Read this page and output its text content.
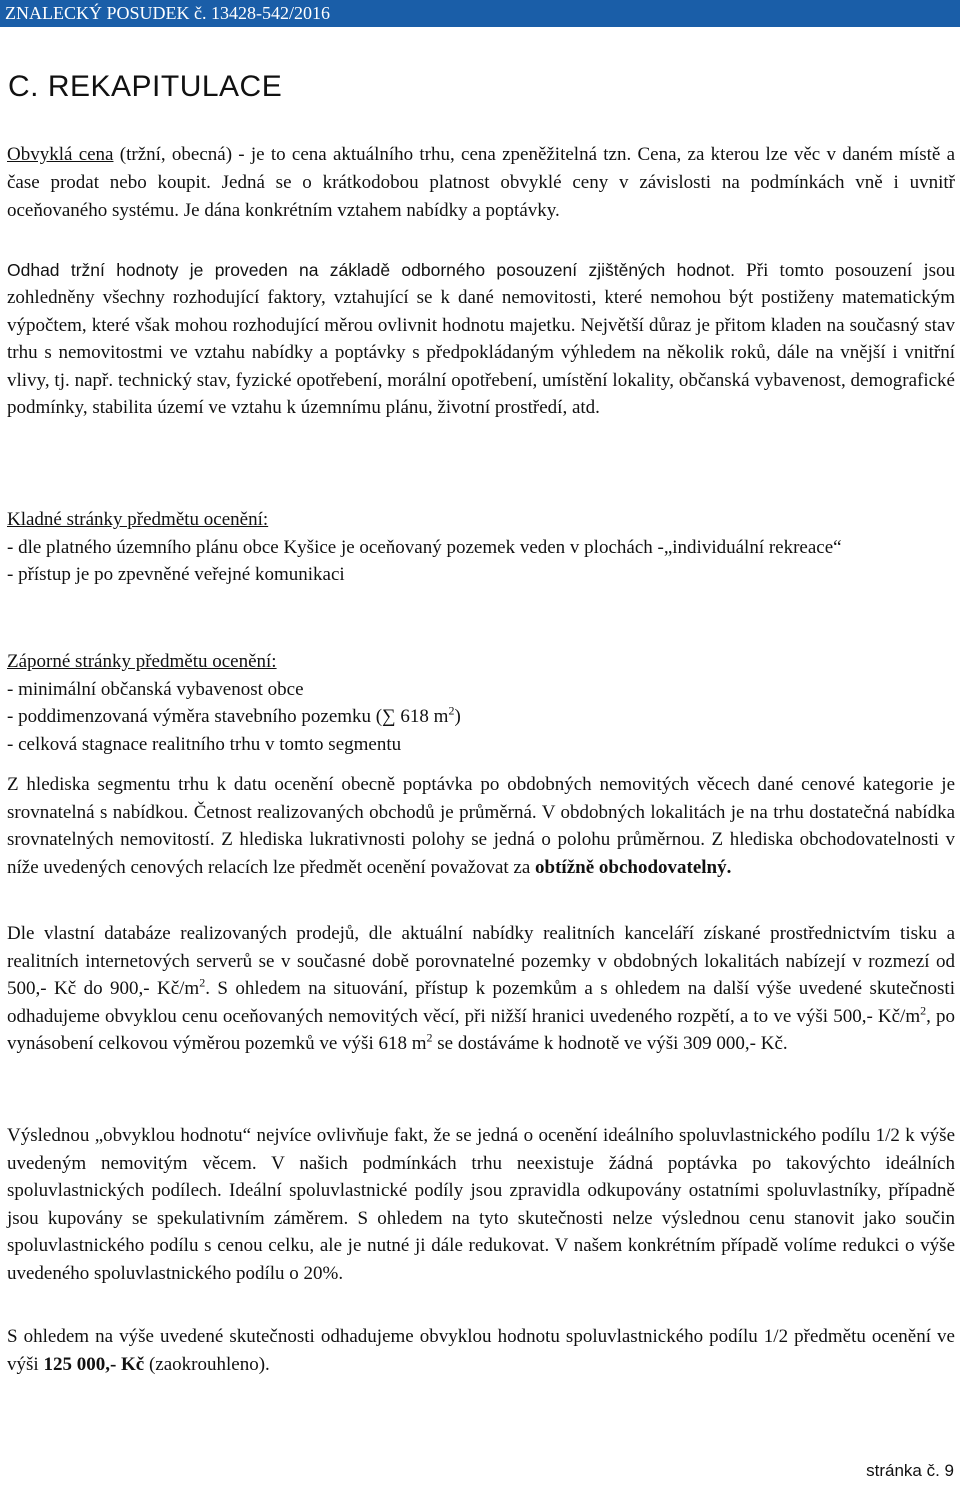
ZNALECKÝ POSUDEK č. 13428-542/2016
C. REKAPITULACE
Obvyklá cena (tržní, obecná) - je to cena aktuálního trhu, cena zpeněžitelná tzn. Cena, za kterou lze věc v daném místě a čase prodat nebo koupit. Jedná se o krátkodobou platnost obvyklé ceny v závislosti na podmínkách vně i uvnitř oceňovaného systému. Je dána konkrétním vztahem nabídky a poptávky.
Odhad tržní hodnoty je proveden na základě odborného posouzení zjištěných hodnot. Při tomto posouzení jsou zohledněny všechny rozhodující faktory, vztahující se k dané nemovitosti, které nemohou být postiženy matematickým výpočtem, které však mohou rozhodující měrou ovlivnit hodnotu majetku. Největší důraz je přitom kladen na současný stav trhu s nemovitostmi ve vztahu nabídky a poptávky s předpokládaným výhledem na několik roků, dále na vnější i vnitřní vlivy, tj. např. technický stav, fyzické opotřebení, morální opotřebení, umístění lokality, občanská vybavenost, demografické podmínky, stabilita území ve vztahu k územnímu plánu, životní prostředí, atd.
Kladné stránky předmětu ocenění:
- dle platného územního plánu obce Kyšice je oceňovaný pozemek veden v plochách -„individuální rekreace“
- přístup je po zpevněné veřejné komunikaci
Záporné stránky předmětu ocenění:
- minimální občanská vybavenost obce
- poddimenzovaná výměra stavebního pozemku (∑ 618 $m^2$)
- celková stagnace realitního trhu v tomto segmentu
Z hlediska segmentu trhu k datu ocenění obecně poptávka po obdobných nemovitých věcech dané cenové kategorie je srovnatelná s nabídkou. Četnost realizovaných obchodů je průměrná. V obdobných lokalitách je na trhu dostatečná nabídka srovnatelných nemovitostí. Z hlediska lukrativnosti polohy se jedná o polohu průměrnou. Z hlediska obchodovatelnosti v níže uvedených cenových relacích lze předmět ocenění považovat za obtížně obchodovatelný.
Dle vlastní databáze realizovaných prodejů, dle aktuální nabídky realitních kanceláří získané prostřednictvím tisku a realitních internetových serverů se v současné době porovnatelné pozemky v obdobných lokalitách nabízejí v rozmezí od 500,- Kč do 900,- $Kč/m^2$. S ohledem na situování, přístup k pozemkům a s ohledem na další výše uvedené skutečnosti odhadujeme obvyklou cenu oceňovaných nemovitých věcí, při nižší hranici uvedeného rozpětí, a to ve výši 500,- $Kč/m^2$, po vynásobení celkovou výměrou pozemků ve výši 618 $m^2$ se dostáváme k hodnotě ve výši 309 000,- Kč.
Výslednou „obvyklou hodnotu“ nejvíce ovlivňuje fakt, že se jedná o ocenění ideálního spoluvlastnického podílu 1/2 k výše uvedeným nemovitým věcem. V našich podmínkách trhu neexistuje žádná poptávka po takovýchto ideálních spoluvlastnických podílech. Ideální spoluvlastnické podíly jsou zpravidla odkupovány ostatními spoluvlastníky, případně jsou kupovány se spekulativním záměrem. S ohledem na tyto skutečnosti nelze výslednou cenu stanovit jako součin spoluvlastnického podílu s cenou celku, ale je nutné ji dále redukovat. V našem konkrétním případě volíme redukci o výše uvedeného spoluvlastnického podílu o 20%.
S ohledem na výše uvedené skutečnosti odhadujeme obvyklou hodnotu spoluvlastnického podílu 1/2 předmětu ocenění ve výši 125 000,- Kč (zaokrouhleno).
stránka č. 9
